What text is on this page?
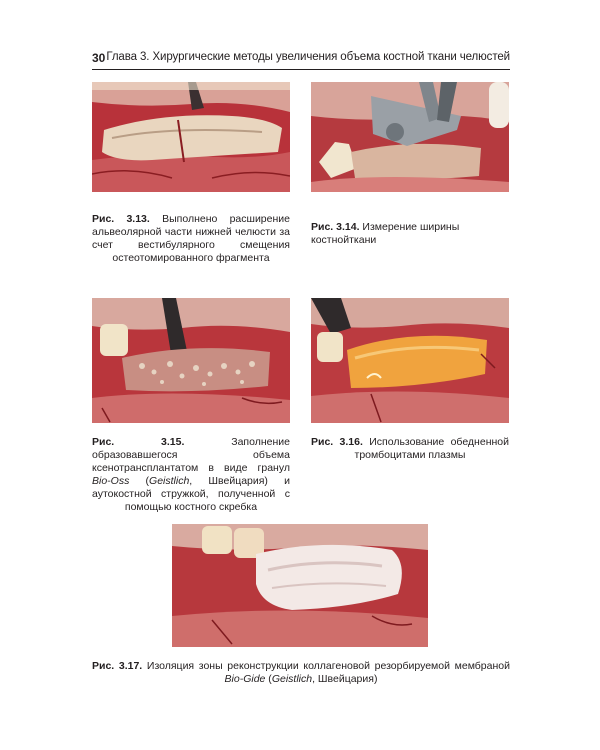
30 Глава 3. Хирургические методы увеличения объема костной ткани челюстей
Рис. 3.13. Выполнено расширение альвеолярной части нижней челюсти за счет вестибулярного смещения остеотомированного фрагмента
Рис. 3.14. Измерение ширины костнойткани
Рис. 3.15.	Заполнение образовавшегося объема ксенотрансплантатом в виде гранул Bio-Oss (Geistlich, Швейцария) и аутокостной стружкой, полученной с помощью костного скребка
Рис. 3.16. Использование обедненной тромбоцитами плазмы
Рис. 3.17. Изоляция зоны реконструкции коллагеновой резорбируемой мембраной Bio-Gide (Geistlich, Швейцария)
